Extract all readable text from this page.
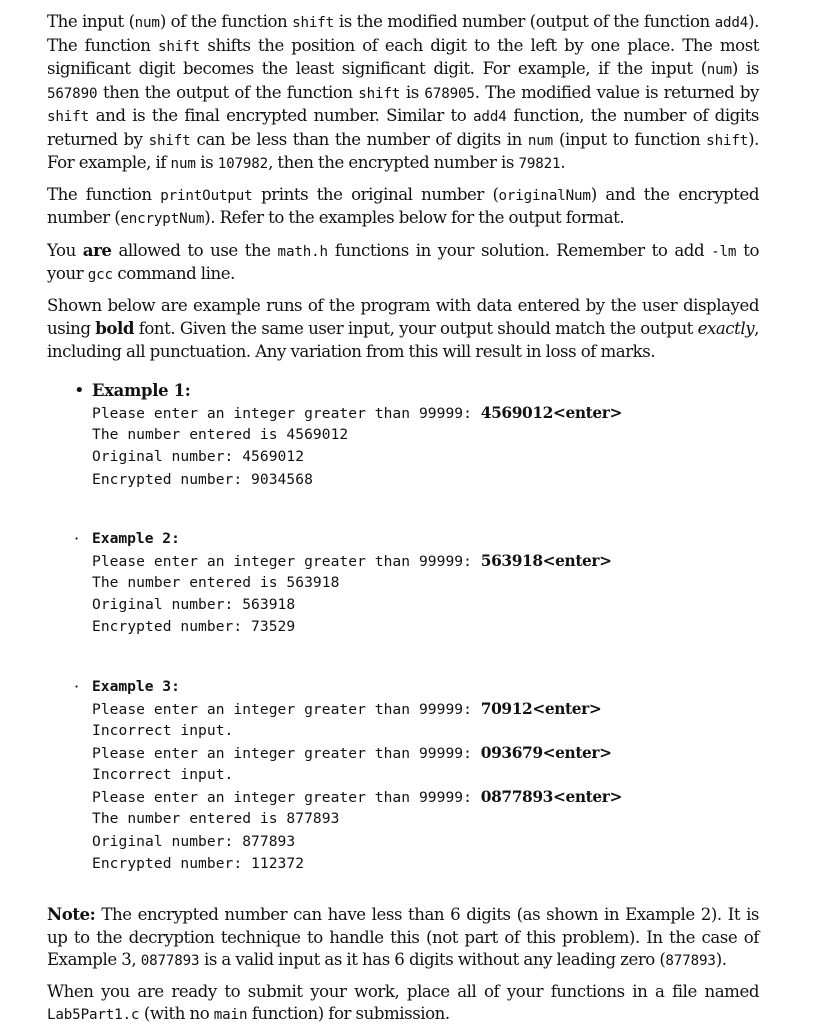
The input (num) of the function shift is the modified number (output of the function add4). The function shift shifts the position of each digit to the left by one place. The most significant digit becomes the least significant digit. For example, if the input (num) is 567890 then the output of the function shift is 678905. The modified value is returned by shift and is the final encrypted number. Similar to add4 function, the number of digits returned by shift can be less than the number of digits in num (input to function shift). For example, if num is 107982, then the encrypted number is 79821.

The function printOutput prints the original number (originalNum) and the encrypted number (encryptNum). Refer to the examples below for the output format.

You are allowed to use the math.h functions in your solution. Remember to add -lm to your gcc command line.

Shown below are example runs of the program with data entered by the user displayed using bold font. Given the same user input, your output should match the output exactly, including all punctuation. Any variation from this will result in loss of marks.

• Example 1:
Please enter an integer greater than 99999: 4569012<enter>
The number entered is 4569012
Original number: 4569012
Encrypted number: 9034568
· Example 2:
Please enter an integer greater than 99999: 563918<enter>
The number entered is 563918
Original number: 563918
Encrypted number: 73529
· Example 3:
Please enter an integer greater than 99999: 70912<enter>
Incorrect input.
Please enter an integer greater than 99999: 093679<enter>
Incorrect input.
Please enter an integer greater than 99999: 0877893<enter>
The number entered is 877893
Original number: 877893
Encrypted number: 112372

Note: The encrypted number can have less than 6 digits (as shown in Example 2). It is up to the decryption technique to handle this (not part of this problem). In the case of Example 3, 0877893 is a valid input as it has 6 digits without any leading zero (877893).

When you are ready to submit your work, place all of your functions in a file named Lab5Part1.c (with no main function) for submission.
